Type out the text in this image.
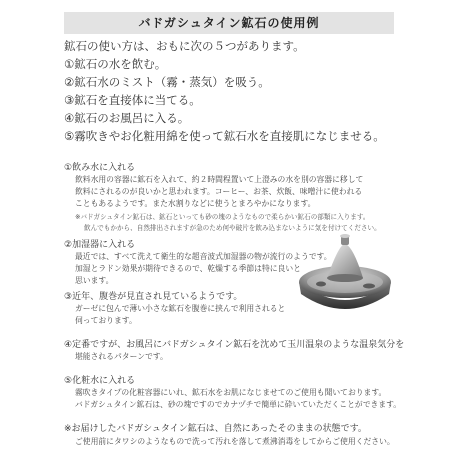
バドガシュタイン鉱石の使用例
鉱石の使い方は、おもに次の５つがあります。
①鉱石の水を飲む。
②鉱石水のミスト（霧・蒸気）を吸う。
③鉱石を直接体に当てる。
④鉱石のお風呂に入る。
⑤霧吹きやお化粧用綿を使って鉱石水を直接肌になじませる。
①飲み水に入れる
飲料水用の容器に鉱石を入れて、約２時間程置いて上澄みの水を別の容器に移して
飲料にされるのが良いかと思われます。コーヒー、お茶、炊飯、味噌汁に使われる
こともあるようです。また水割りなどに使うとまろやかになります。
※バドガシュタイン鉱石は、鉱石といっても砂の塊のようなもので柔らかい鉱石の部類に入ります。
飲んでもかから、自然排出されますが急のため何や破片を飲み込まないように気を付けてください。
②加湿器に入れる
最近では、すべて洗えて衛生的な超音波式加湿器の物が流行のようです。
加湿とラドン効果が期待できるので、乾燥する季節は特に良いと
思います。
③近年、腹巻が見直され見ているようです。
ガーゼに包んで薄い小さな鉱石を腹巻に挟んで利用されると
伺っております。
④定番ですが、お風呂にバドガシュタイン鉱石を沈めて玉川温泉のような温泉気分を
堪能されるパターンです。
⑤化粧水に入れる
霧吹きタイプの化粧容器にいれ、鉱石水をお肌になじませてのご使用も聞いております。
バドガシュタイン鉱石は、砂の塊ですのでカナヅチで簡単に砕いていただくことができます。
※お届けしたバドガシュタイン鉱石は、自然にあったそのままの状態です。
ご使用前にタワシのようなもので洗って汚れを落して煮沸消毒をしてからご使用ください。
